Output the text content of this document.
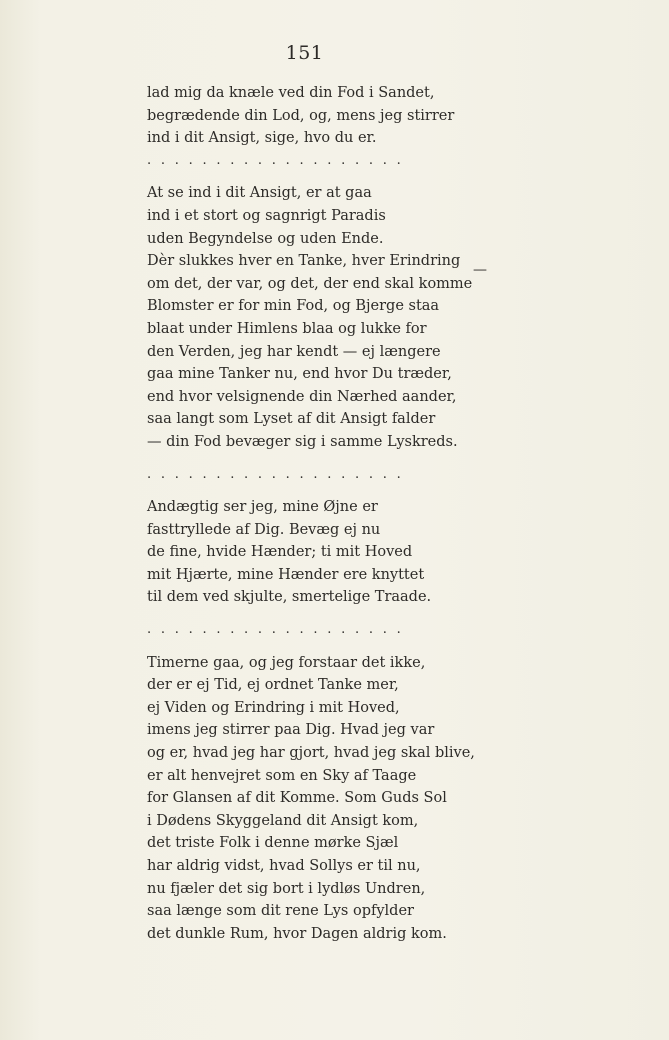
151
lad mig da knæle ved din Fod i Sandet,
begrædende din Lod, og, mens jeg stirrer
ind i dit Ansigt, sige, hvo du er.
. . . . . . . . . . . . . . . . . . .
At se ind i dit Ansigt, er at gaa
ind i et stort og sagnrigt Paradis
uden Begyndelse og uden Ende.
Dèr slukkes hver en Tanke, hver Erindring
om det, der var, og det, der end skal komme
Blomster er for min Fod, og Bjerge staa
blaat under Himlens blaa og lukke for
den Verden, jeg har kendt — ej længere
gaa mine Tanker nu, end hvor Du træder,
end hvor velsignende din Nærhed aander,
saa langt som Lyset af dit Ansigt falder
— din Fod bevæger sig i samme Lyskreds.
. . . . . . . . . . . . . . . . . . .
Andægtig ser jeg, mine Øjne er
fasttryllede af Dig. Bevæg ej nu
de fine, hvide Hænder; ti mit Hoved
mit Hjærte, mine Hænder ere knyttet
til dem ved skjulte, smertelige Traade.
. . . . . . . . . . . . . . . . . . .
Timerne gaa, og jeg forstaar det ikke,
der er ej Tid, ej ordnet Tanke mer,
ej Viden og Erindring i mit Hoved,
imens jeg stirrer paa Dig. Hvad jeg var
og er, hvad jeg har gjort, hvad jeg skal blive,
er alt henvejret som en Sky af Taage
for Glansen af dit Komme. Som Guds Sol
i Dødens Skyggeland dit Ansigt kom,
det triste Folk i denne mørke Sjæl
har aldrig vidst, hvad Sollys er til nu,
nu fjæler det sig bort i lydløs Undren,
saa længe som dit rene Lys opfylder
det dunkle Rum, hvor Dagen aldrig kom.
—
